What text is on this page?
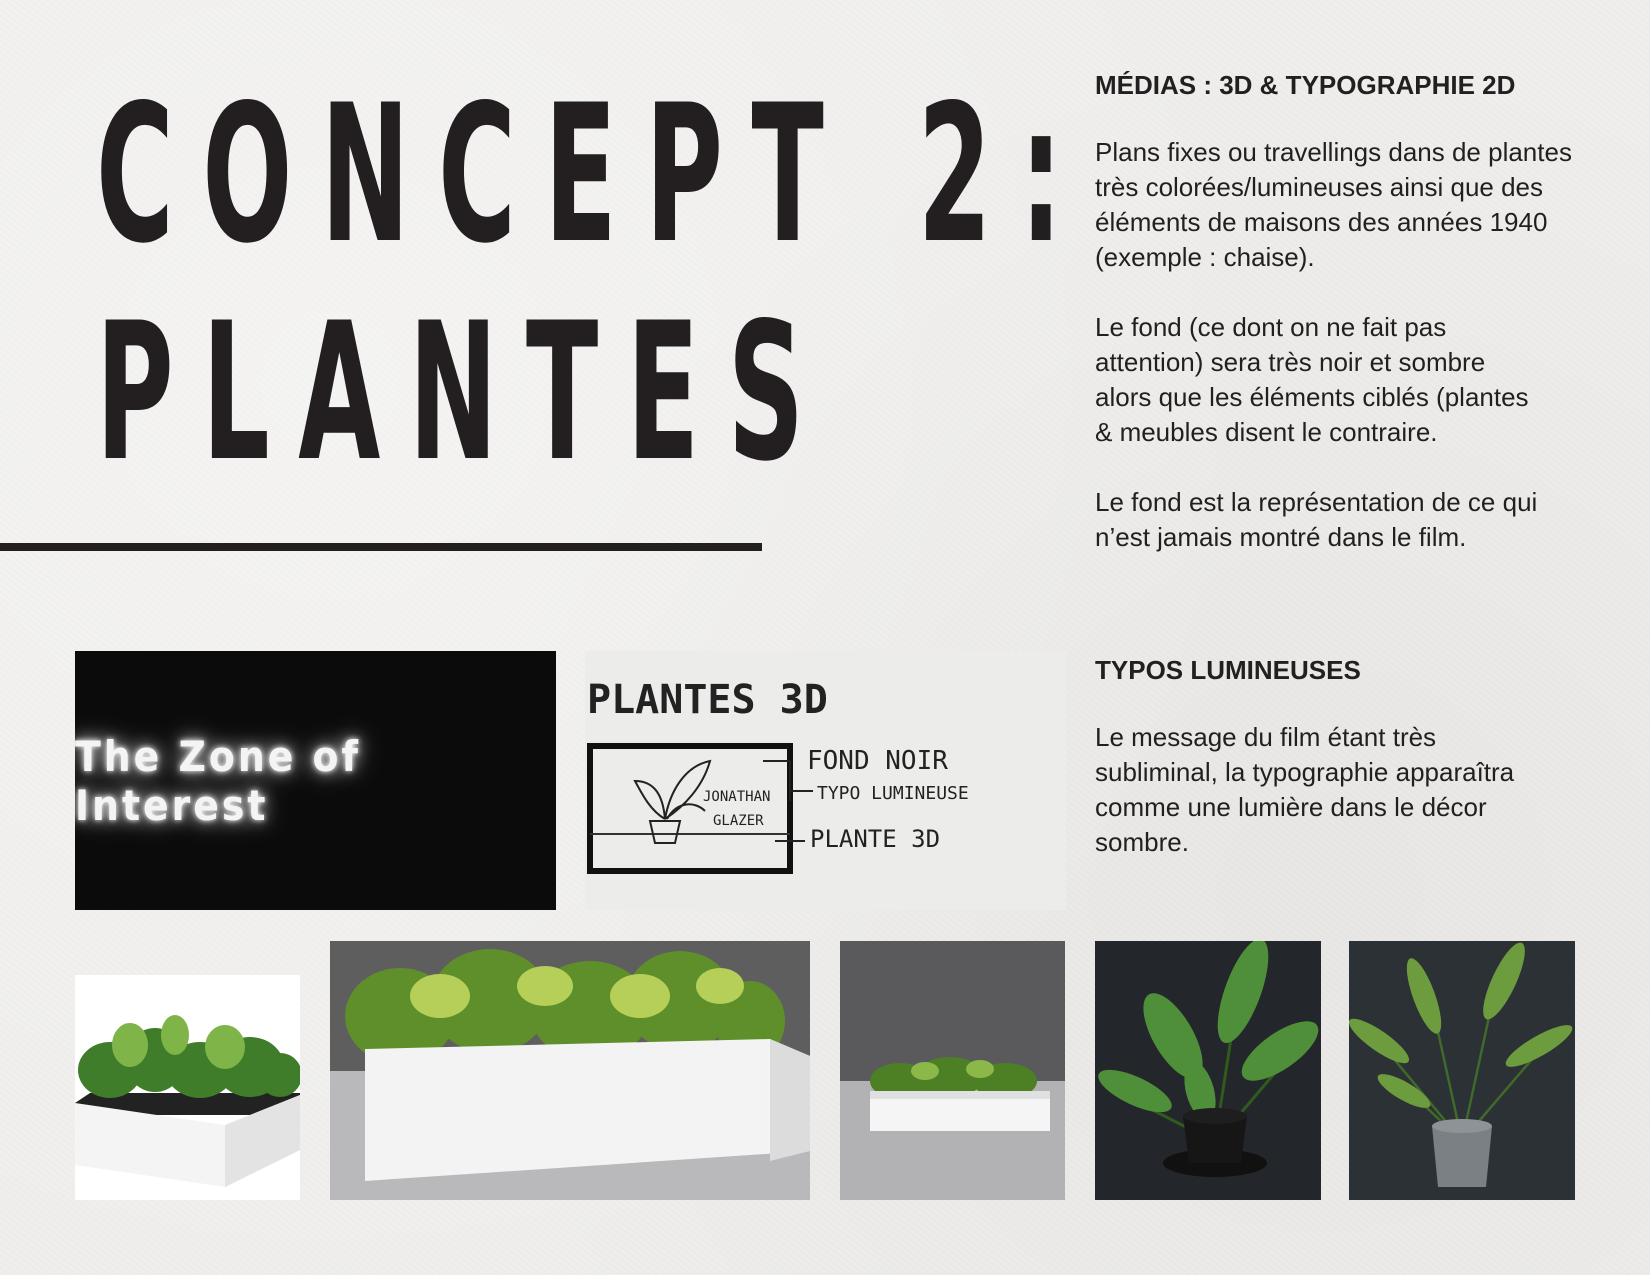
CONCEPT 2:
PLANTES

MÉDIAS : 3D & TYPOGRAPHIE 2D

Plans fixes ou travellings dans de plantes très colorées/lumineuses ainsi que des éléments de maisons des années 1940 (exemple : chaise).

Le fond (ce dont on ne fait pas attention) sera très noir et sombre alors que les éléments ciblés (plantes & meubles disent le contraire.

Le fond est la représentation de ce qui n’est jamais montré dans le film.

TYPOS LUMINEUSES

Le message du film étant très subliminal, la typographie apparaîtra comme une lumière dans le décor sombre.

The Zone of Interest
PLANTES 3D
JONATHAN
GLAZER
FOND NOIR
TYPO LUMINEUSE
PLANTE 3D
